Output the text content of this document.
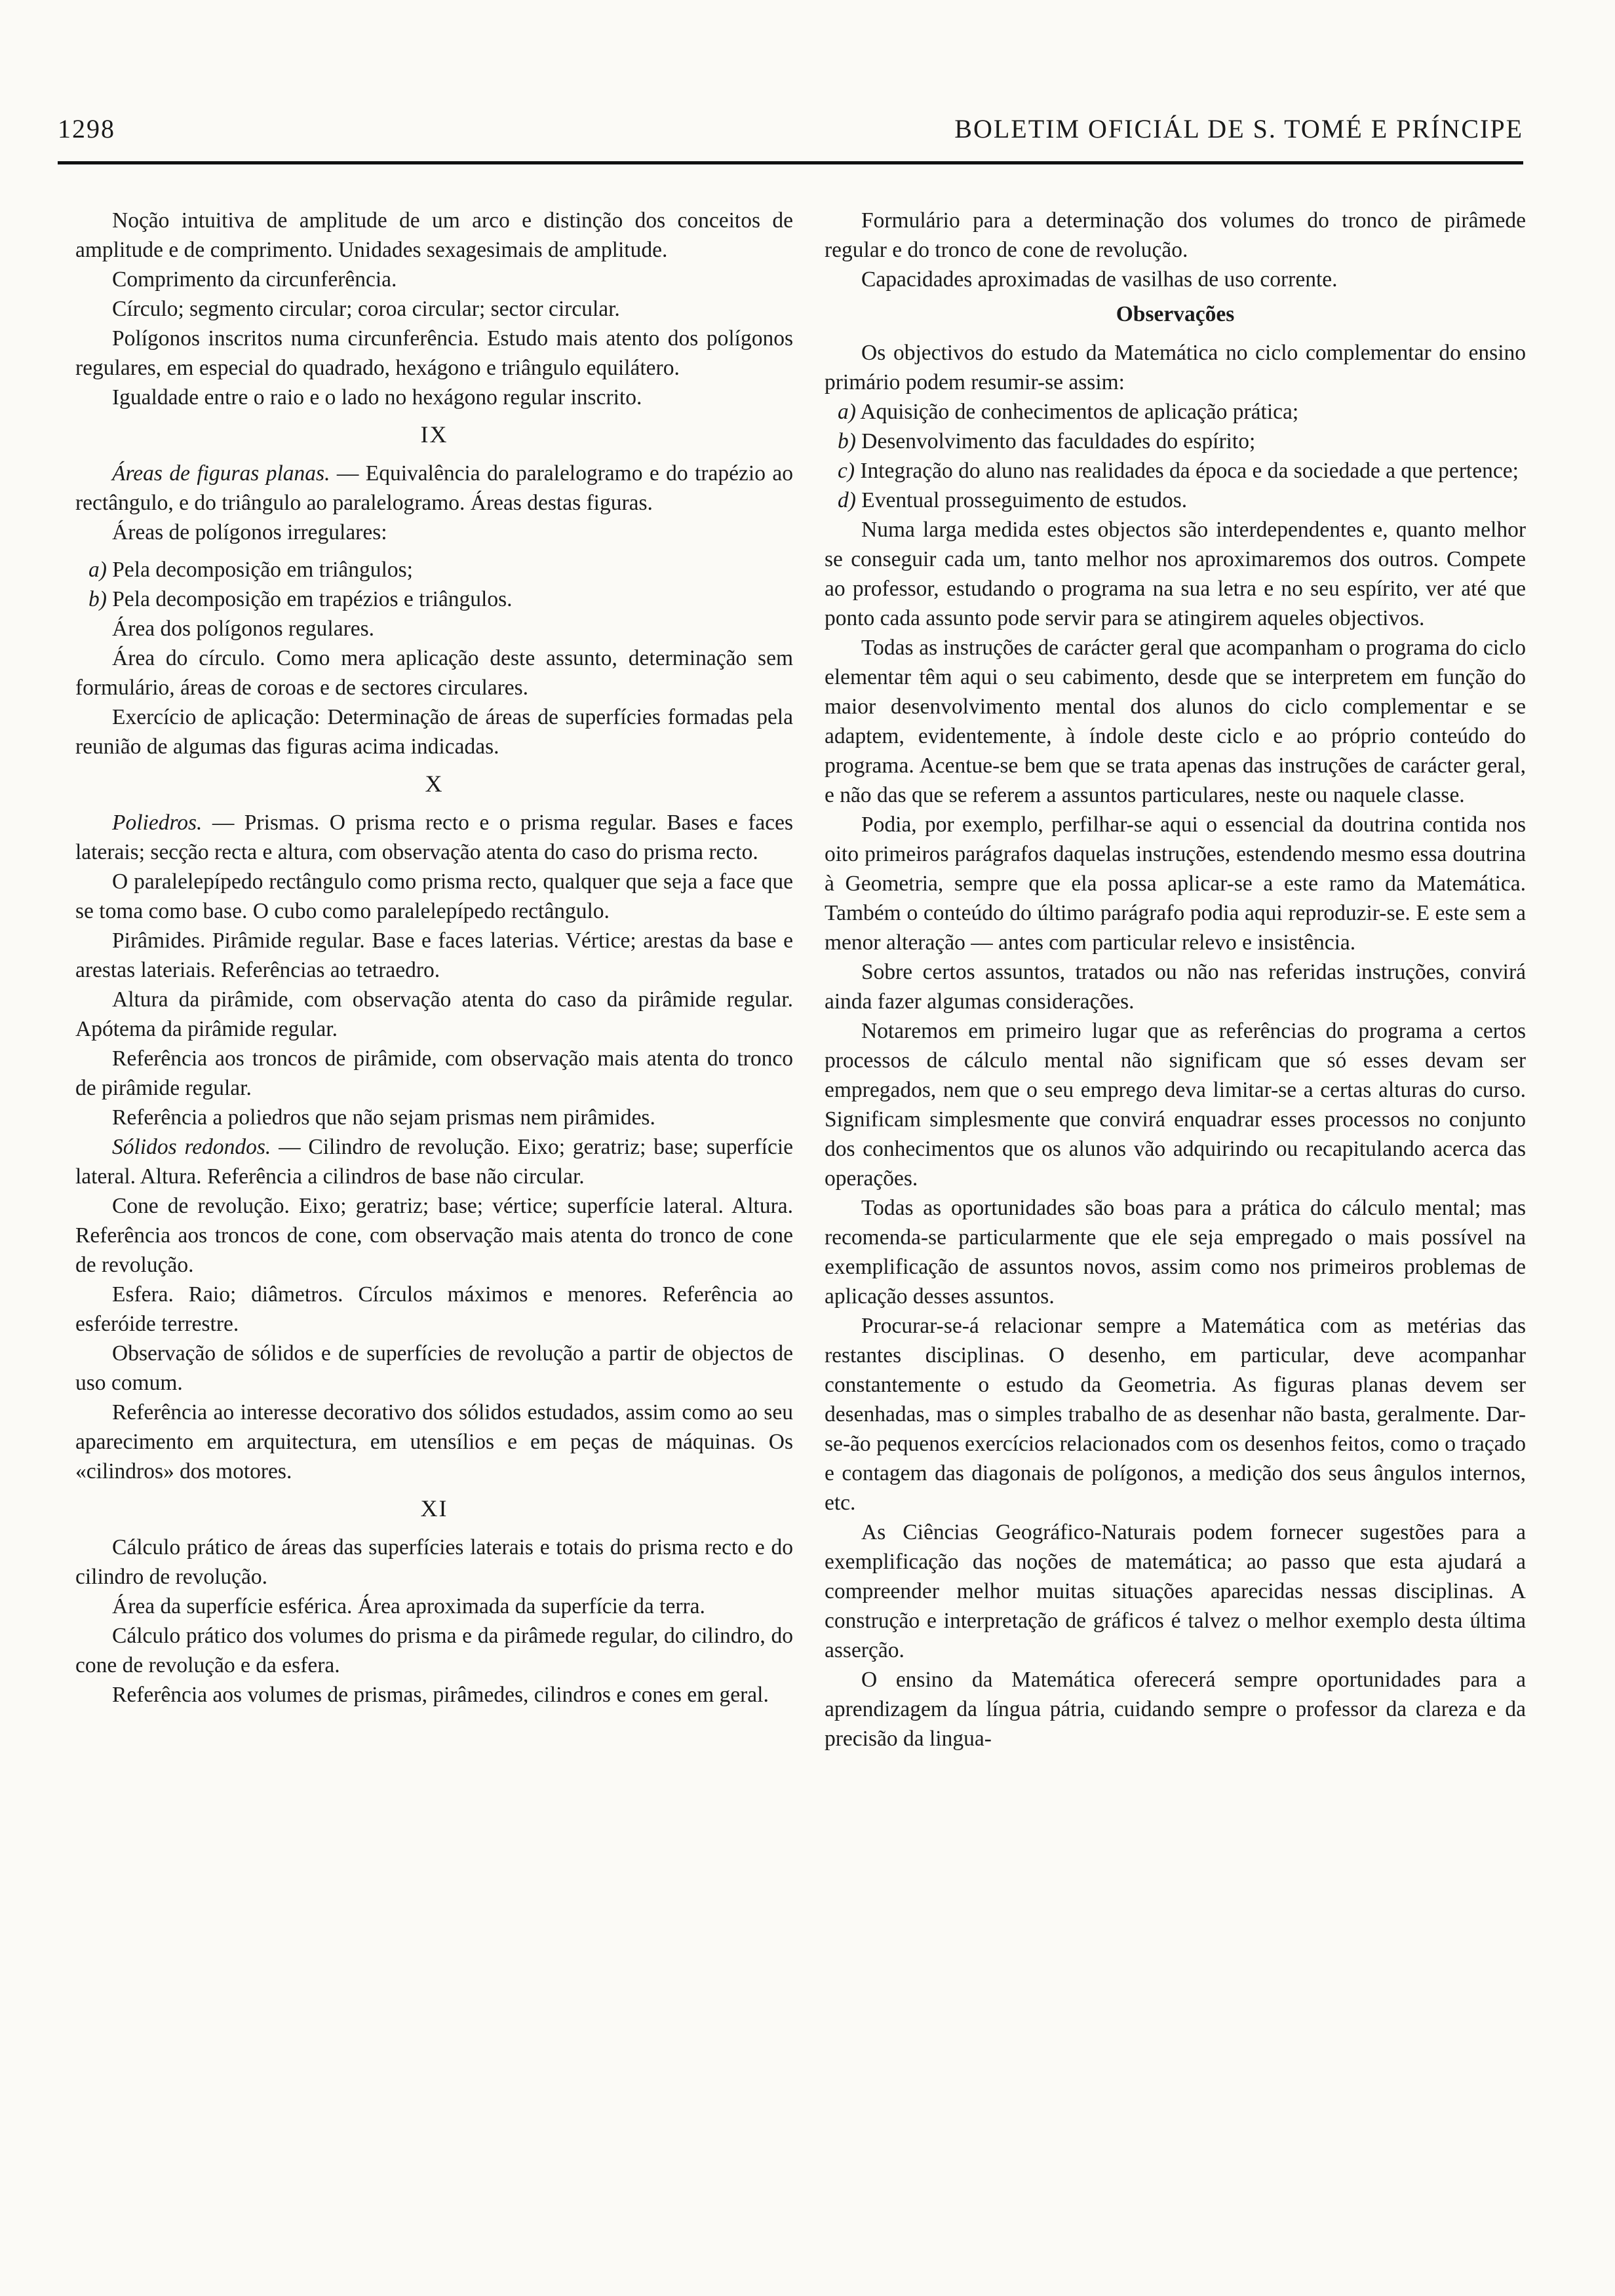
1298	BOLETIM OFICIÁL DE S. TOMÉ E PRÍNCIPE

Noção intuitiva de amplitude de um arco e distinção dos conceitos de amplitude e de comprimento. Unidades sexagesimais de amplitude.

Comprimento da circunferência.

Círculo; segmento circular; coroa circular; sector circular.

Polígonos inscritos numa circunferência. Estudo mais atento dos polígonos regulares, em especial do quadrado, hexágono e triângulo equilátero.

Igualdade entre o raio e o lado no hexágono regular inscrito.

IX

Áreas de figuras planas. — Equivalência do paralelogramo e do trapézio ao rectângulo, e do triângulo ao paralelogramo. Áreas destas figuras.

Áreas de polígonos irregulares:

a) Pela decomposição em triângulos;

b) Pela decomposição em trapézios e triângulos.

Área dos polígonos regulares.

Área do círculo. Como mera aplicação deste assunto, determinação sem formulário, áreas de coroas e de sectores circulares.

Exercício de aplicação: Determinação de áreas de superfícies formadas pela reunião de algumas das figuras acima indicadas.

X

Poliedros. — Prismas. O prisma recto e o prisma regular. Bases e faces laterais; secção recta e altura, com observação atenta do caso do prisma recto.

O paralelepípedo rectângulo como prisma recto, qualquer que seja a face que se toma como base. O cubo como paralelepípedo rectângulo.

Pirâmides. Pirâmide regular. Base e faces laterias. Vértice; arestas da base e arestas lateriais. Referências ao tetraedro.

Altura da pirâmide, com observação atenta do caso da pirâmide regular. Apótema da pirâmide regular.

Referência aos troncos de pirâmide, com observação mais atenta do tronco de pirâmide regular.

Referência a poliedros que não sejam prismas nem pirâmides.

Sólidos redondos. — Cilindro de revolução. Eixo; geratriz; base; superfície lateral. Altura. Referência a cilindros de base não circular.

Cone de revolução. Eixo; geratriz; base; vértice; superfície lateral. Altura. Referência aos troncos de cone, com observação mais atenta do tronco de cone de revolução.

Esfera. Raio; diâmetros. Círculos máximos e menores. Referência ao esferóide terrestre.

Observação de sólidos e de superfícies de revolução a partir de objectos de uso comum.

Referência ao interesse decorativo dos sólidos estudados, assim como ao seu aparecimento em arquitectura, em utensílios e em peças de máquinas. Os «cilindros» dos motores.

XI

Cálculo prático de áreas das superfícies laterais e totais do prisma recto e do cilindro de revolução.

Área da superfície esférica. Área aproximada da superfície da terra.

Cálculo prático dos volumes do prisma e da pirâmede regular, do cilindro, do cone de revolução e da esfera.

Referência aos volumes de prismas, pirâmedes, cilindros e cones em geral.

Formulário para a determinação dos volumes do tronco de pirâmede regular e do tronco de cone de revolução.

Capacidades aproximadas de vasilhas de uso corrente.

Observações

Os objectivos do estudo da Matemática no ciclo complementar do ensino primário podem resumir-se assim:

a) Aquisição de conhecimentos de aplicação prática;

b) Desenvolvimento das faculdades do espírito;

c) Integração do aluno nas realidades da época e da sociedade a que pertence;

d) Eventual prosseguimento de estudos.

Numa larga medida estes objectos são interdependentes e, quanto melhor se conseguir cada um, tanto melhor nos aproximaremos dos outros. Compete ao professor, estudando o programa na sua letra e no seu espírito, ver até que ponto cada assunto pode servir para se atingirem aqueles objectivos.

Todas as instruções de carácter geral que acompanham o programa do ciclo elementar têm aqui o seu cabimento, desde que se interpretem em função do maior desenvolvimento mental dos alunos do ciclo complementar e se adaptem, evidentemente, à índole deste ciclo e ao próprio conteúdo do programa. Acentue-se bem que se trata apenas das instruções de carácter geral, e não das que se referem a assuntos particulares, neste ou naquele classe.

Podia, por exemplo, perfilhar-se aqui o essencial da doutrina contida nos oito primeiros parágrafos daquelas instruções, estendendo mesmo essa doutrina à Geometria, sempre que ela possa aplicar-se a este ramo da Matemática. Também o conteúdo do último parágrafo podia aqui reproduzir-se. E este sem a menor alteração — antes com particular relevo e insistência.

Sobre certos assuntos, tratados ou não nas referidas instruções, convirá ainda fazer algumas considerações.

Notaremos em primeiro lugar que as referências do programa a certos processos de cálculo mental não significam que só esses devam ser empregados, nem que o seu emprego deva limitar-se a certas alturas do curso. Significam simplesmente que convirá enquadrar esses processos no conjunto dos conhecimentos que os alunos vão adquirindo ou recapitulando acerca das operações.

Todas as oportunidades são boas para a prática do cálculo mental; mas recomenda-se particularmente que ele seja empregado o mais possível na exemplificação de assuntos novos, assim como nos primeiros problemas de aplicação desses assuntos.

Procurar-se-á relacionar sempre a Matemática com as metérias das restantes disciplinas. O desenho, em particular, deve acompanhar constantemente o estudo da Geometria. As figuras planas devem ser desenhadas, mas o simples trabalho de as desenhar não basta, geralmente. Dar-se-ão pequenos exercícios relacionados com os desenhos feitos, como o traçado e contagem das diagonais de polígonos, a medição dos seus ângulos internos, etc.

As Ciências Geográfico-Naturais podem fornecer sugestões para a exemplificação das noções de matemática; ao passo que esta ajudará a compreender melhor muitas situações aparecidas nessas disciplinas. A construção e interpretação de gráficos é talvez o melhor exemplo desta última asserção.

O ensino da Matemática oferecerá sempre oportunidades para a aprendizagem da língua pátria, cuidando sempre o professor da clareza e da precisão da lingua-
